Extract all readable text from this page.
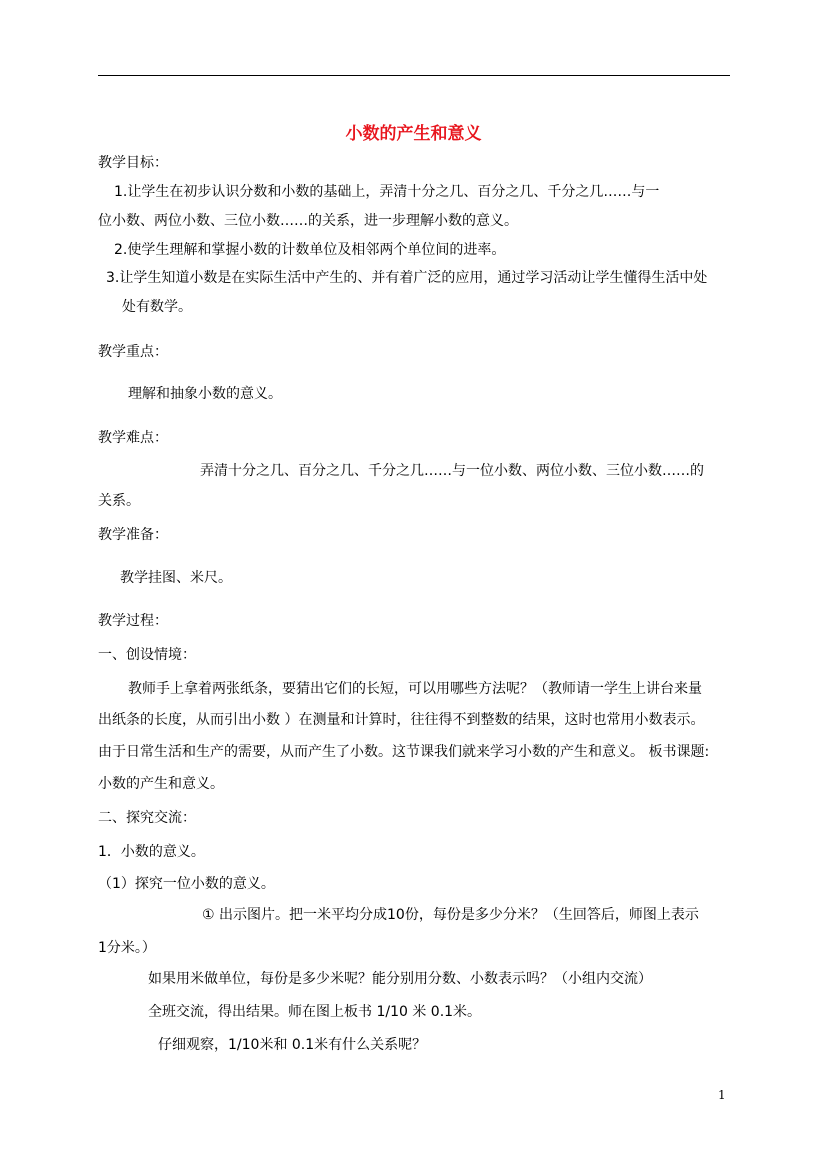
小数的产生和意义
教学目标：
1.让学生在初步认识分数和小数的基础上，弄清十分之几、百分之几、千分之几……与一
位小数、两位小数、三位小数……的关系，进一步理解小数的意义。
2.使学生理解和掌握小数的计数单位及相邻两个单位间的进率。
3.让学生知道小数是在实际生活中产生的、并有着广泛的应用，通过学习活动让学生懂得生活中处
处有数学。
教学重点：
理解和抽象小数的意义。
教学难点：
弄清十分之几、百分之几、千分之几……与一位小数、两位小数、三位小数……的
关系。
教学准备：
教学挂图、米尺。
教学过程：
一、创设情境：
教师手上拿着两张纸条，要猜出它们的长短，可以用哪些方法呢？（教师请一学生上讲台来量
出纸条的长度，从而引出小数 ）在测量和计算时，往往得不到整数的结果，这时也常用小数表示。
由于日常生活和生产的需要，从而产生了小数。这节课我们就来学习小数的产生和意义。 板书课题:
小数的产生和意义。
二、探究交流：
1．小数的意义。
（1）探究一位小数的意义。
① 出示图片。把一米平均分成10份，每份是多少分米？（生回答后，师图上表示
1分米。）
如果用米做单位，每份是多少米呢？能分别用分数、小数表示吗？（小组内交流）
全班交流，得出结果。师在图上板书 1/10 米 0.1米。
仔细观察，1/10米和 0.1米有什么关系呢？
1
